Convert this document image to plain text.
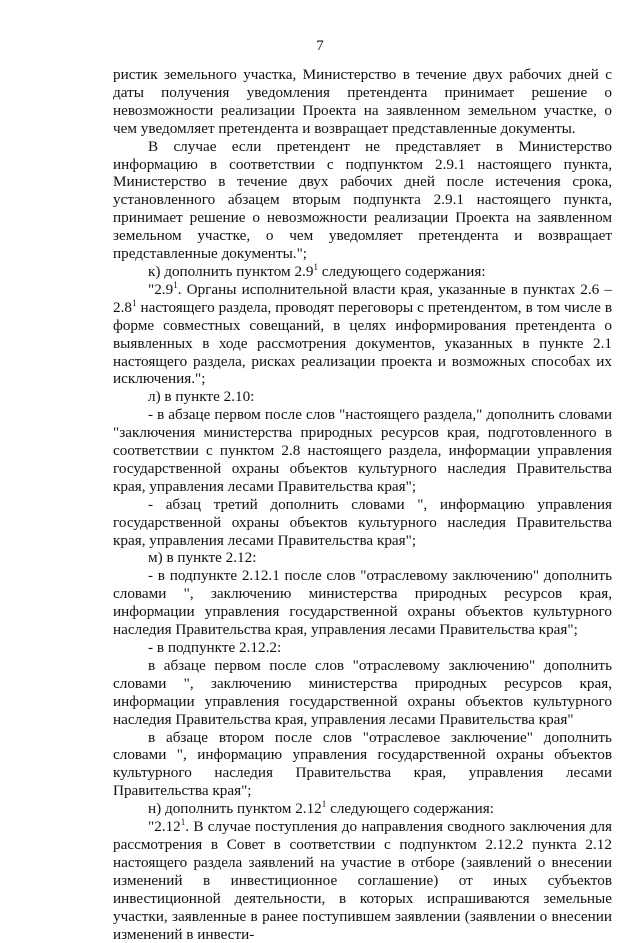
7

ристик земельного участка, Министерство в течение двух рабочих дней с даты получения уведомления претендента принимает решение о невозможности реализации Проекта на заявленном земельном участке, о чем уведомляет претендента и возвращает представленные документы.

В случае если претендент не представляет в Министерство информацию в соответствии с подпунктом 2.9.1 настоящего пункта, Министерство в течение двух рабочих дней после истечения срока, установленного абзацем вторым подпункта 2.9.1 настоящего пункта, принимает решение о невозможности реализации Проекта на заявленном земельном участке, о чем уведомляет претендента и возвращает представленные документы.";

к) дополнить пунктом $2.9^1$ следующего содержания:

"$2.9^1$. Органы исполнительной власти края, указанные в пунктах $2.6 - 2.8^1$ настоящего раздела, проводят переговоры с претендентом, в том числе в форме совместных совещаний, в целях информирования претендента о выявленных в ходе рассмотрения документов, указанных в пункте 2.1 настоящего раздела, рисках реализации проекта и возможных способах их исключения.";

л) в пункте 2.10:

- в абзаце первом после слов "настоящего раздела," дополнить словами "заключения министерства природных ресурсов края, подготовленного в соответствии с пунктом 2.8 настоящего раздела, информации управления государственной охраны объектов культурного наследия Правительства края, управления лесами Правительства края";

- абзац третий дополнить словами ", информацию управления государственной охраны объектов культурного наследия Правительства края, управления лесами Правительства края";

м) в пункте 2.12:

- в подпункте 2.12.1 после слов "отраслевому заключению" дополнить словами ", заключению министерства природных ресурсов края, информации управления государственной охраны объектов культурного наследия Правительства края, управления лесами Правительства края";

- в подпункте 2.12.2:

в абзаце первом после слов "отраслевому заключению" дополнить словами ", заключению министерства природных ресурсов края, информации управления государственной охраны объектов культурного наследия Правительства края, управления лесами Правительства края"

в абзаце втором после слов "отраслевое заключение" дополнить словами ", информацию управления государственной охраны объектов культурного наследия Правительства края, управления лесами Правительства края";

н) дополнить пунктом 2.12$^1$ следующего содержания:

"2.12$^1$. В случае поступления до направления сводного заключения для рассмотрения в Совет в соответствии с подпунктом 2.12.2 пункта 2.12 настоящего раздела заявлений на участие в отборе (заявлений о внесении изменений в инвестиционное соглашение) от иных субъектов инвестиционной деятельности, в которых испрашиваются земельные участки, заявленные в ранее поступившем заявлении (заявлении о внесении изменений в инвести-
